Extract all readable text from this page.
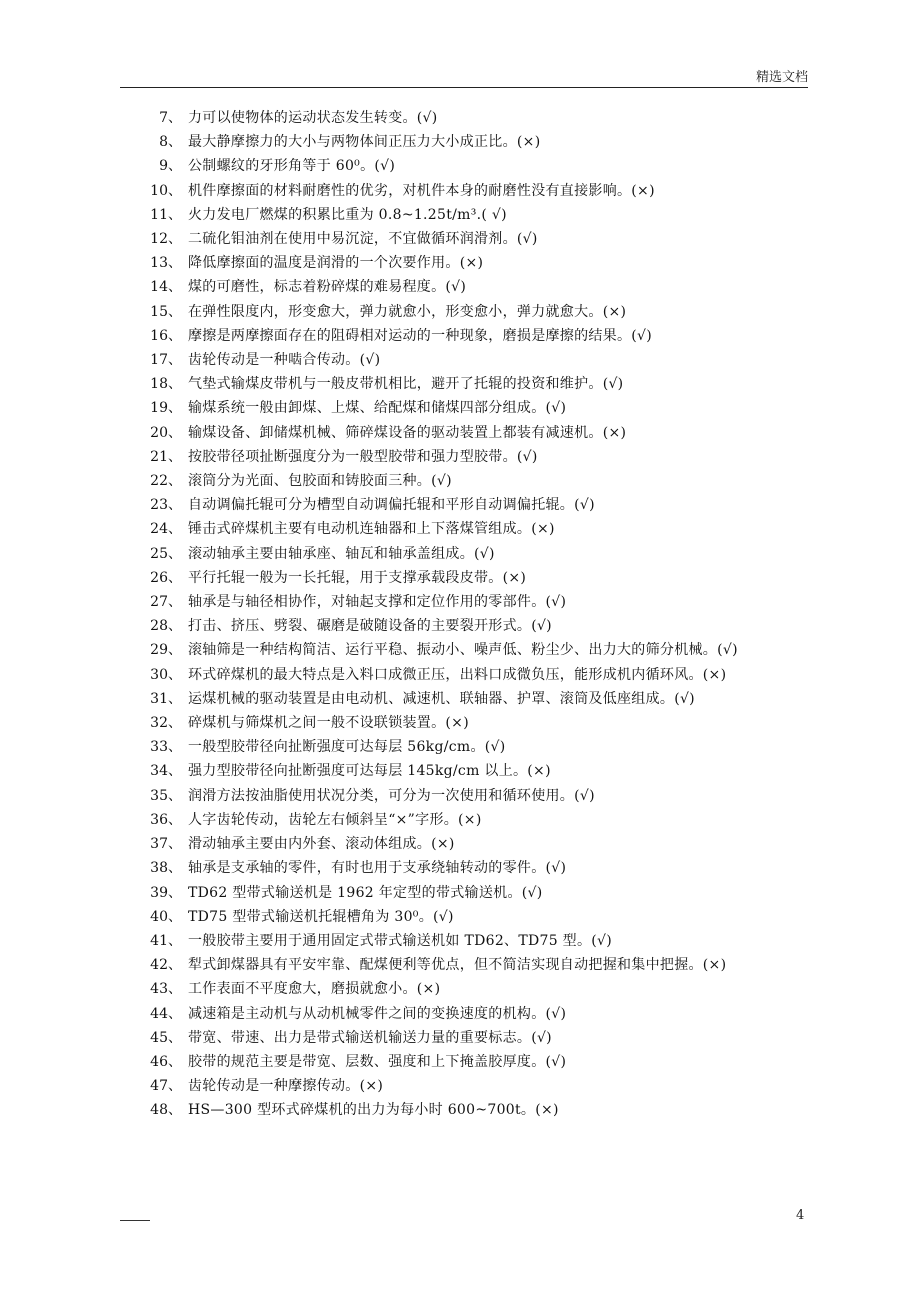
精选文档
7、 力可以使物体的运动状态发生转变。(√)
8、 最大静摩擦力的大小与两物体间正压力大小成正比。(×)
9、 公制螺纹的牙形角等于 60⁰。(√)
10、 机件摩擦面的材料耐磨性的优劣，对机件本身的耐磨性没有直接影响。(×)
11、 火力发电厂燃煤的积累比重为 0.8~1.25t/m³.( √)
12、 二硫化钼油剂在使用中易沉淀，不宜做循环润滑剂。(√)
13、 降低摩擦面的温度是润滑的一个次要作用。(×)
14、 煤的可磨性，标志着粉碎煤的难易程度。(√)
15、 在弹性限度内，形变愈大，弹力就愈小，形变愈小，弹力就愈大。(×)
16、 摩擦是两摩擦面存在的阻碍相对运动的一种现象，磨损是摩擦的结果。(√)
17、 齿轮传动是一种啮合传动。(√)
18、 气垫式输煤皮带机与一般皮带机相比，避开了托辊的投资和维护。(√)
19、 输煤系统一般由卸煤、上煤、给配煤和储煤四部分组成。(√)
20、 输煤设备、卸储煤机械、筛碎煤设备的驱动装置上都装有减速机。(×)
21、 按胶带径项扯断强度分为一般型胶带和强力型胶带。(√)
22、 滚筒分为光面、包胶面和铸胶面三种。(√)
23、 自动调偏托辊可分为槽型自动调偏托辊和平形自动调偏托辊。(√)
24、 锤击式碎煤机主要有电动机连轴器和上下落煤管组成。(×)
25、 滚动轴承主要由轴承座、轴瓦和轴承盖组成。(√)
26、 平行托辊一般为一长托辊，用于支撑承载段皮带。(×)
27、 轴承是与轴径相协作，对轴起支撑和定位作用的零部件。(√)
28、 打击、挤压、劈裂、碾磨是破随设备的主要裂开形式。(√)
29、 滚轴筛是一种结构简洁、运行平稳、振动小、噪声低、粉尘少、出力大的筛分机械。(√)
30、 环式碎煤机的最大特点是入料口成微正压，出料口成微负压，能形成机内循环风。(×)
31、 运煤机械的驱动装置是由电动机、减速机、联轴器、护罩、滚筒及低座组成。(√)
32、 碎煤机与筛煤机之间一般不设联锁装置。(×)
33、 一般型胶带径向扯断强度可达每层 56kg/cm。(√)
34、 强力型胶带径向扯断强度可达每层 145kg/cm 以上。(×)
35、 润滑方法按油脂使用状况分类，可分为一次使用和循环使用。(√)
36、 人字齿轮传动，齿轮左右倾斜呈“×”字形。(×)
37、 滑动轴承主要由内外套、滚动体组成。(×)
38、 轴承是支承轴的零件，有时也用于支承绕轴转动的零件。(√)
39、 TD62 型带式输送机是 1962 年定型的带式输送机。(√)
40、 TD75 型带式输送机托辊槽角为 30⁰。(√)
41、 一般胶带主要用于通用固定式带式输送机如 TD62、TD75 型。(√)
42、 犁式卸煤器具有平安牢靠、配煤便利等优点，但不简洁实现自动把握和集中把握。(×)
43、 工作表面不平度愈大，磨损就愈小。(×)
44、 减速箱是主动机与从动机械零件之间的变换速度的机构。(√)
45、 带宽、带速、出力是带式输送机输送力量的重要标志。(√)
46、 胶带的规范主要是带宽、层数、强度和上下掩盖胶厚度。(√)
47、 齿轮传动是一种摩擦传动。(×)
48、 HS—300 型环式碎煤机的出力为每小时 600~700t。(×)
4
